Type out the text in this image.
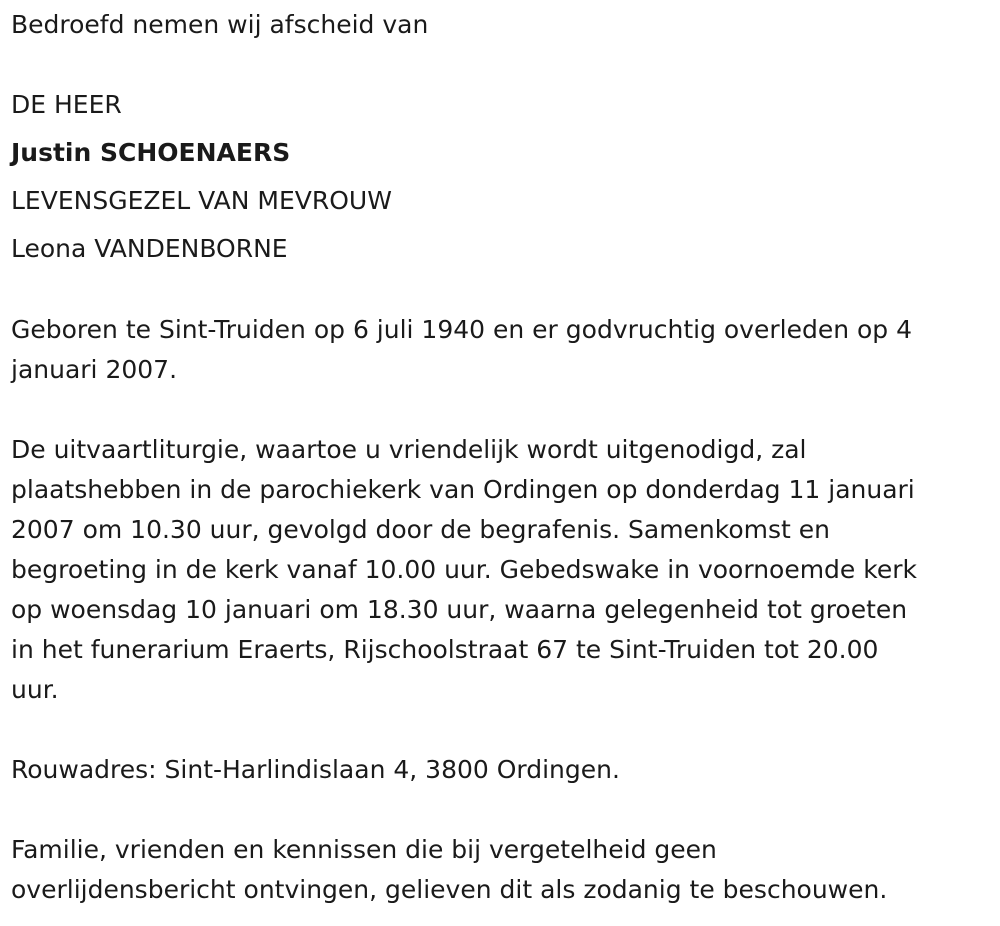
Bedroefd nemen wij afscheid van
DE HEER
Justin SCHOENAERS
LEVENSGEZEL VAN MEVROUW
Leona VANDENBORNE
Geboren te Sint-Truiden op 6 juli 1940 en er godvruchtig overleden op 4
januari 2007.
De uitvaartliturgie, waartoe u vriendelijk wordt uitgenodigd, zal
plaatshebben in de parochiekerk van Ordingen op donderdag 11 januari
2007 om 10.30 uur, gevolgd door de begrafenis. Samenkomst en
begroeting in de kerk vanaf 10.00 uur. Gebedswake in voornoemde kerk
op woensdag 10 januari om 18.30 uur, waarna gelegenheid tot groeten
in het funerarium Eraerts, Rijschoolstraat 67 te Sint-Truiden tot 20.00
uur.
Rouwadres: Sint-Harlindislaan 4, 3800 Ordingen.
Familie, vrienden en kennissen die bij vergetelheid geen
overlijdensbericht ontvingen, gelieven dit als zodanig te beschouwen.
